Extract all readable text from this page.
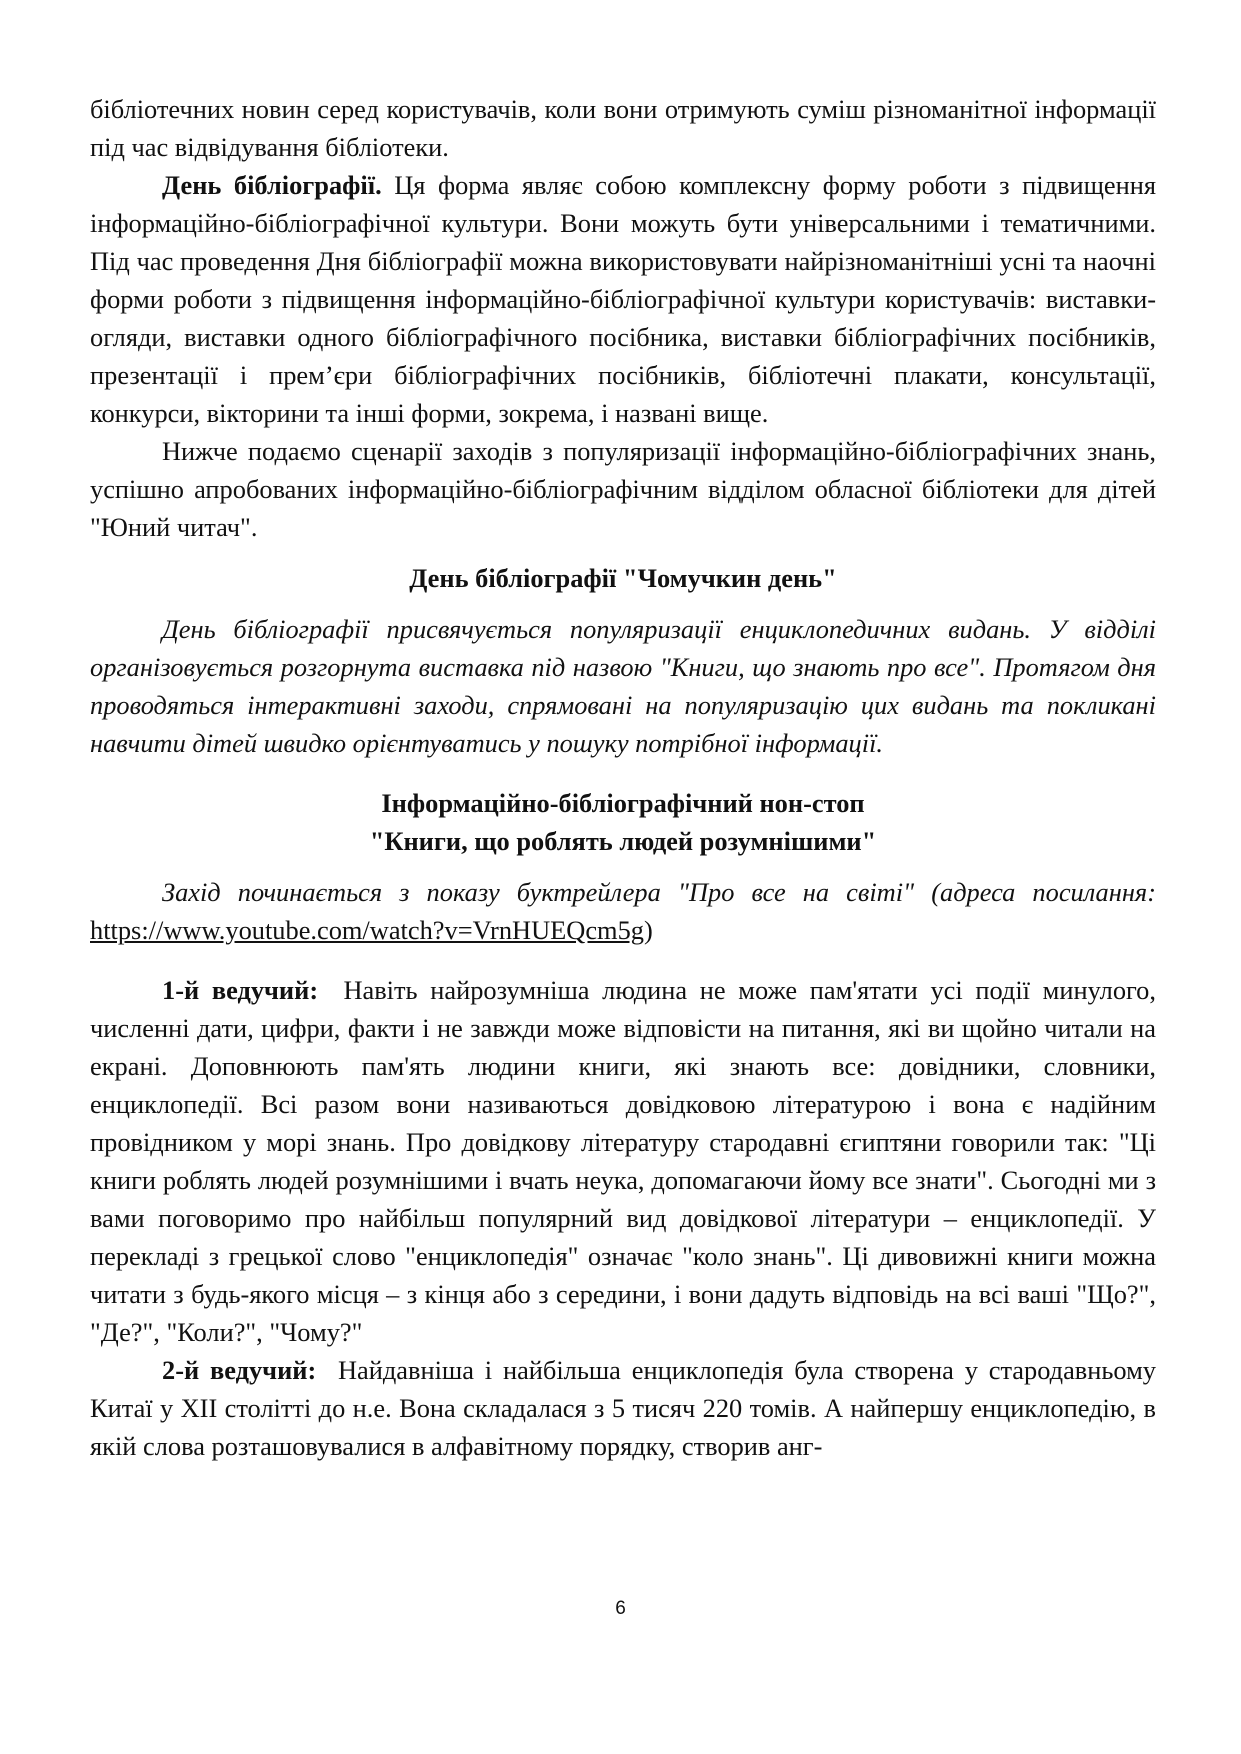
бібліотечних новин серед користувачів, коли вони отримують суміш різноманітної інформації під час відвідування бібліотеки.

День бібліографії. Ця форма являє собою комплексну форму роботи з підвищення інформаційно-бібліографічної культури. Вони можуть бути універсальними і тематичними. Під час проведення Дня бібліографії можна використовувати найрізноманітніші усні та наочні форми роботи з підвищення інформаційно-бібліографічної культури користувачів: виставки-огляди, виставки одного бібліографічного посібника, виставки бібліографічних посібників, презентації і прем’єри бібліографічних посібників, бібліотечні плакати, консультації, конкурси, вікторини та інші форми, зокрема, і названі вище.

Нижче подаємо сценарії заходів з популяризації інформаційно-бібліографічних знань, успішно апробованих інформаційно-бібліографічним відділом обласної бібліотеки для дітей "Юний читач".

День бібліографії "Чомучкин день"

День бібліографії присвячується популяризації енциклопедичних видань. У відділі організовується розгорнута виставка під назвою "Книги, що знають про все". Протягом дня проводяться інтерактивні заходи, спрямовані на популяризацію цих видань та покликані навчити дітей швидко орієнтуватись у пошуку потрібної інформації.

Інформаційно-бібліографічний нон-стоп

"Книги, що роблять людей розумнішими"

Захід починається з показу буктрейлера "Про все на світі" (адреса посилання: https://www.youtube.com/watch?v=VrnHUEQcm5g)

1-й ведучий:  Навіть найрозумніша людина не може пам'ятати усі події минулого, численні дати, цифри, факти і не завжди може відповісти на питання, які ви щойно читали на екрані. Доповнюють пам'ять людини книги, які знають все: довідники, словники, енциклопедії. Всі разом вони називаються довідковою літературою і вона є надійним провідником у морі знань. Про довідкову літературу стародавні єгиптяни говорили так: "Ці книги роблять людей розумнішими і вчать неука, допомагаючи йому все знати". Сьогодні ми з вами поговоримо про найбільш популярний вид довідкової літератури – енциклопедії. У перекладі з грецької слово "енциклопедія" означає "коло знань". Ці дивовижні книги можна читати з будь-якого місця – з кінця або з середини, і вони дадуть відповідь на всі ваші "Що?", "Де?", "Коли?", "Чому?"

2-й ведучий:  Найдавніша і найбільша енциклопедія була створена у стародавньому Китаї у XII столітті до н.е. Вона складалася з 5 тисяч 220 томів. А найпершу енциклопедію, в якій слова розташовувалися в алфавітному порядку, створив анг-

6
